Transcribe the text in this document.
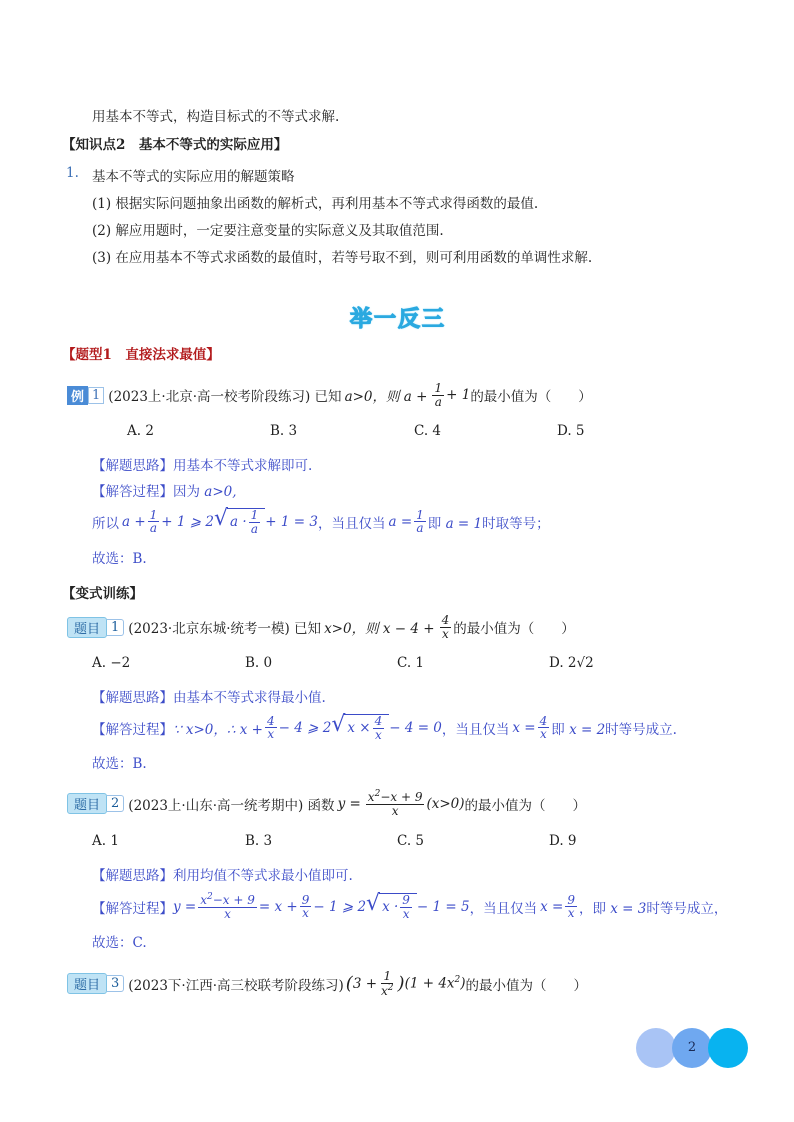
用基本不等式，构造目标式的不等式求解.
【知识点2　基本不等式的实际应用】
1. 基本不等式的实际应用的解题策略
(1) 根据实际问题抽象出函数的解析式，再利用基本不等式求得函数的最值.
(2) 解应用题时，一定要注意变量的实际意义及其取值范围.
(3) 在应用基本不等式求函数的最值时，若等号取不到，则可利用函数的单调性求解.
举一反三
【题型1　直接法求最值】
例 1 (2023上·北京·高一校考阶段练习) 已知 a>0，则 $a + \frac{1}{a} + 1$ 的最小值为（　　）
A. 2	B. 3	C. 4	D. 5
【解题思路】用基本不等式求解即可.
【解答过程】因为 a>0,
所以 $a + \frac{1}{a} + 1$ ⩾ 2 √ $a \cdot \frac{1}{a} + 1 = 3$ ，当且仅当 $a = \frac{1}{a}$ 即 a = 1 时取等号；
故选：B.
【变式训练】
题目 1 (2023·北京东城·统考一模) 已知 x>0，则 $x - 4 + \frac{4}{x}$ 的最小值为（　　）
A. −2	B. 0	C. 1	D. 2√2
【解题思路】由基本不等式求得最小值.
【解答过程】 ∵ x>0，∴ $x + \frac{4}{x} - 4$ ⩾ 2 √ $x \times \frac{4}{x} - 4 = 0$ ，当且仅当 $x = \frac{4}{x}$ 即 x = 2 时等号成立.
故选：B.
题目 2 (2023上·山东·高一统考期中) 函数 $y = \frac{x^2-x + 9}{x} (x>0)$ 的最小值为（　　）
A. 1	B. 3	C. 5	D. 9
【解题思路】利用均值不等式求最小值即可.
【解答过程】 $y = \frac{x^2-x + 9}{x} = x + \frac{9}{x} - 1$ ⩾ 2 √ $x \cdot \frac{9}{x} - 1 = 5$ ，当且仅当 $x = \frac{9}{x}$ ，即 x = 3 时等号成立，
故选：C.
题目 3 (2023下·江西·高三校联考阶段练习) ( $3 + \frac{1}{x^2}$ ) $(1 + 4x^2)$ 的最小值为（　　）
2
